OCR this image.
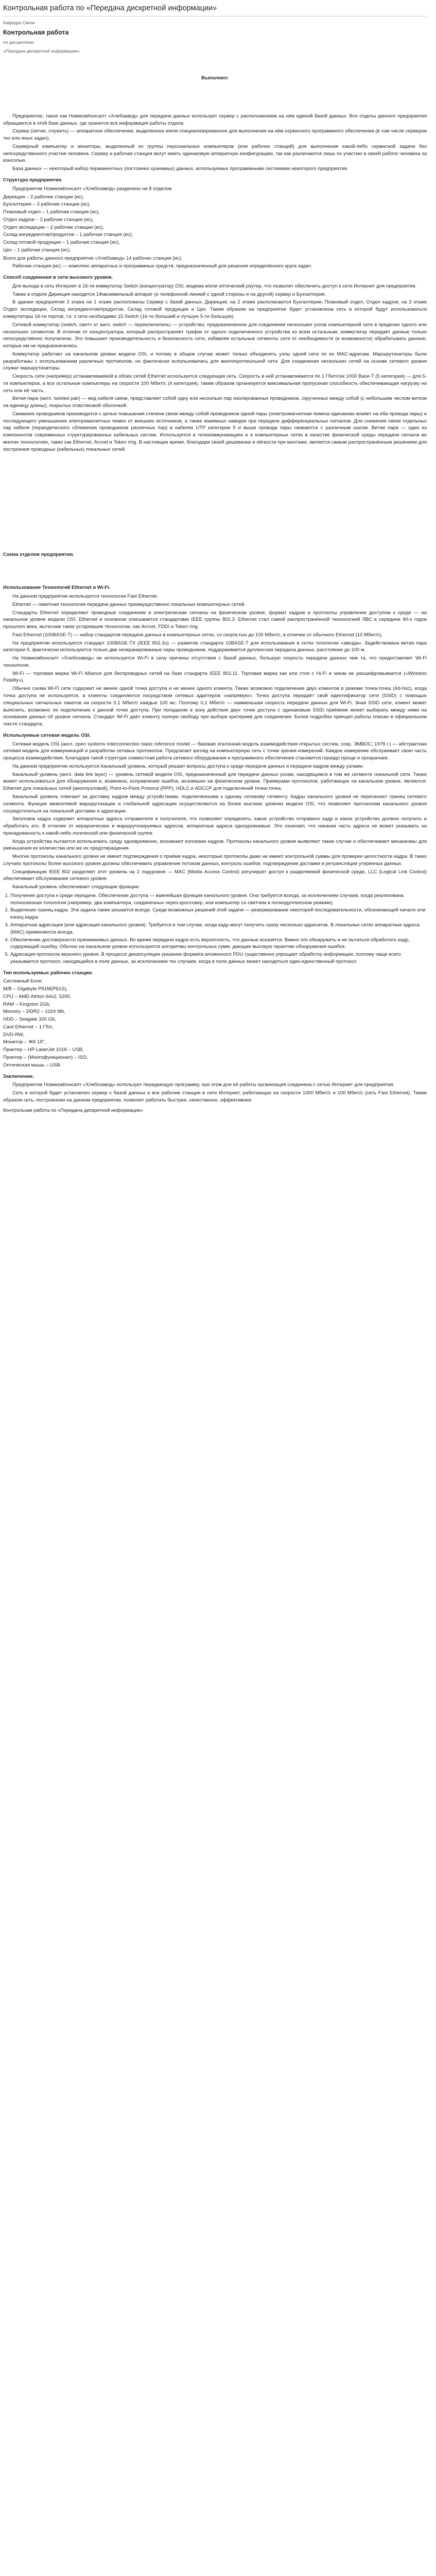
Контрольная работа по «Передача дискретной информации»
Кафедра Связи
Контрольная работа
по дисциплине:
«Передача дискретной информации»
Выполнил:

Предприятие, такое как НовиковКонсалт «Хлебзавод» для передачи данных использует сервер с расположением на нём единой базой данных. Все отделы данного предприятия обращаются в этой базе данных, где хранится вся информация работы отдела.

Сервер (server, служить) — аппаратное обеспечение, выделенное и/или специализированное для выполнения на нём сервисного программного обеспечения (в том числе серверов тех или иных задач).

Серверный компьютер и мониторы, выделенный из группы персональных компьютеров (или рабочих станций) для выполнения какой-либо сервисной задачи без непосредственного участия человека. Сервер и рабочая станция могут иметь одинаковую аппаратную конфигурацию, так как различаются лишь по участию в своей работе человека за консолью.

База данных — некоторый набор перманентных (постоянно хранимых) данных, используемых программными системами некоторого предприятия.

Структура предприятия.

Предприятие НовиковКонсалт «Хлебозавод» разделено на 8 отделов:

Дирекция – 2 рабочие станции (ис),
Бухгалтерия – 3 рабочие станции (ис),
Плановый отдел – 1 рабочая станция (ис),
Отдел кадров – 2 рабочие станции (ис),
Отдел экспедиции – 2 рабочие станции (ис),
Склад ингредиентов/продуктов – 1 рабочая станция (ис),
Склад готовой продукции – 1 рабочая станция (ис),
Цех – 1 рабочая станция (ис),

Всего для работы данного предприятия «Хлебзавод» 14 рабочих станции (ис).

Рабочая станция (ис) — комплекс аппаратных и программных средств, предназначенный для решения определённого круга задач.

Способ соединения в сети высокого уровня.

Для выхода в сеть Интернет в 16-ти коммутатор Switch (концентратор) OSI, модема и/или оптический роутер, что позволит обеспечить доступ к сети Интернет для предприятия.

Также в отделе Дирекция находится 1Факсимильный аппарат (и телефонной линией с одной стороны и на другой) сервер и Бухгалтерия.

В здании предприятия 3 этажа на 1 этаже расположены Сервер с базой данных, Дирекция; на 2 этаже располагаются Бухгалтерия, Плановый отдел, Отдел кадров; на 3 этаже Отдел экспедиции, Склад ингредиентов/продуктов, Склад готовой продукции и Цех. Таким образом на предприятие будет установлена сеть в которой будут использоваться коммутаторы 16-ти портов, т.к. к сети необходимо 15 Switch (16-ти больший и лучшую 5-ти большую).

Сетевой коммутатор (switch, свитч от англ. switch — переключатель) — устройство, предназначенное для соединения нескольких узлов компьютерной сети в пределах одного или нескольких сегментов. В отличие от концентратора, который распространяет трафик от одного подключенного устройства ко всем остальным, коммутатор передаёт данные только непосредственно получателю. Это повышает производительность и безопасность сети, избавляя остальные сегменты сети от необходимости (и возможности) обрабатывать данные, которые им не предназначались.

Коммутатор работает на канальном уровне модели OSI, и потому в общем случае может только объединять узлы одной сети по их MAC-адресам. Маршрутизаторы были разработаны с использованием различных протоколов, но фактически использовались для многопротокольной сети. Для соединения нескольких сетей на основе сетевого уровня служат маршрутизаторы.

Скорость сети (например) устанавливаемой в обоих сетей Ethernet используется следующая сеть. Скорость в ней устанавливается по 1 Гбит/сек 1000 Base-T (5 категория) — для 5-ти компьютеров, а все остальные компьютеры на скорости 100 Мбит/с (4 категория), таким образом организуется максимальная пропускная способность обеспечивающая нагрузку на сеть или её часть.

Витая пара (англ. twisted pair) — вид кабеля связи, представляет собой одну или несколько пар изолированных проводников, скрученных между собой (с небольшим числом витков на единицу длины), покрытых пластиковой оболочкой.

Свивание проводников производится с целью повышения степени связи между собой проводников одной пары (электромагнитная помеха одинаково влияет на оба провода пары) и последующего уменьшения электромагнитных помех от внешних источников, а также взаимных наводок при передаче дифференциальных сигналов. Для снижения связи отдельных пар кабеля (периодического сближения проводников различных пар) в кабелях UTP категории 5 и выше провода пары свиваются с различным шагом. Витая пара — один из компонентов современных структурированных кабельных систем. Используется в телекоммуникациях и в компьютерных сетях в качестве физической среды передачи сигнала во многих технологиях, таких как Ethernet, Arcnet и Token ring. В настоящее время, благодаря своей дешевизне и лёгкости при монтаже, является самым распространённым решением для построения проводных (кабельных) локальных сетей.

Схема отделов предприятия.
Использование Технологий Ethernet и Wi-Fi.

На данном предприятии используется технология Fast Ethernet.

Ethernet — пакетная технология передачи данных преимущественно локальных компьютерных сетей.

Стандарты Ethernet определяют проводные соединения и электрические сигналы на физическом уровне, формат кадров и протоколы управления доступом к среде — на канальном уровне модели OSI. Ethernet в основном описывается стандартами IEEE группы 802.3. Ethernet стал самой распространённой технологией ЛВС в середине 90-х годов прошлого века, вытеснив такие устаревшие технологии, как Arcnet, FDDI и Token ring.

Fast Ethernet (100BASE-T) — набор стандартов передачи данных в компьютерных сетях, со скоростью до 100 Мбит/с, в отличие от обычного Ethernet (10 Мбит/с).

На предприятии используется стандарт 100BASE-TX (IEEE 802.3u) — развитие стандарта 10BASE-T для использования в сетях топологии «звезда». Задействована витая пара категории 5, фактически используются только две неэкранированные пары проводников, поддерживается дуплексная передача данных, расстояние до 100 м.

На НовиковКонсалт «Хлебозавод» не используется Wi-Fi в силу причины отсутствия с базой данных, большую скорость передачи данных чем та, что предоставляет Wi-Fi технология.

Wi-Fi — торговая марка Wi-Fi Alliance для беспроводных сетей на базе стандарта IEEE 802.11. Торговая марка как или стоя с Hi-Fi и никак не расшифровывается («Wireless Fidelity»).

Обычно схема Wi-Fi сети содержит не менее одной точки доступа и не менее одного клиента. Также возможно подключение двух клиентов в режиме точка-точка (Ad-hoc), когда точка доступа не используется, а клиенты соединяются посредством сетевых адаптеров «напрямую». Точка доступа передаёт свой идентификатор сети (SSID) с помощью специальных сигнальных пакетов на скорости 0,1 Мбит/с каждые 100 мс. Поэтому 0,1 Мбит/с — наименьшая скорость передачи данных для Wi-Fi. Зная SSID сети, клиент может выяснить, возможно ли подключение к данной точке доступа. При попадании в зону действия двух точек доступа с одинаковым SSID приёмник может выбирать между ними на основании данных об уровне сигнала. Стандарт Wi-Fi даёт клиенту полную свободу при выборе критериев для соединения. Более подробно принцип работы описан в официальном тексте стандарта.

Используемые сетевая модель OSI.

Сетевая модель OSI (англ. open systems interconnection basic reference model — базовая эталонная модель взаимодействия открытых систем, сокр. ЭМВОС; 1978 г.) — абстрактная сетевая модель для коммуникаций и разработки сетевых протоколов. Предлагает взгляд на компьютерную сеть с точки зрения измерений. Каждое измерение обслуживает свою часть процесса взаимодействия. Благодаря такой структуре совместная работа сетевого оборудования и программного обеспечения становится гораздо проще и прозрачнее.

На данном предприятии используется Канальный уровень, который решает вопросы доступа к среде передачи данных и передачи кадров между узлами.

Канальный уровень (англ. data link layer) — уровень сетевой модели OSI, предназначенный для передачи данных узлам, находящимся в том же сегменте локальной сети. Также может использоваться для обнаружения и, возможно, исправления ошибок, возникших на физическом уровне. Примерами протоколов, работающих на канальном уровне, являются: Ethernet для локальных сетей (многоузловой), Point-to-Point Protocol (PPP), HDLC и ADCCP для подключений точка-точка.

Канальный уровень отвечает за доставку кадров между устройствами, подключенными к одному сетевому сегменту. Кадры канального уровня не пересекают границ сетевого сегмента. Функции межсетевой маршрутизации и глобальной адресации осуществляются на более высоких уровнях модели OSI, что позволяет протоколам канального уровня сосредоточиться на локальной доставке и адресации.

Заголовок кадра содержит аппаратные адреса отправителя и получателя, что позволяет определить, какое устройство отправило кадр и какое устройство должно получить и обработать его. В отличие от иерархических и маршрутизируемых адресов, аппаратные адреса одноуровневые. Это означает, что никакая часть адреса не может указывать на принадлежность к какой-либо логической или физической группе.

Когда устройства пытаются использовать среду одновременно, возникают коллизии кадров. Протоколы канального уровня выявляют такие случаи и обеспечивают механизмы для уменьшения их количества или же их предотвращения.

Многие протоколы канального уровня не имеют подтверждения о приёме кадра, некоторые протоколы даже не имеют контрольной суммы для проверки целостности кадра. В таких случаях протоколы более высокого уровня должны обеспечивать управление потоком данных, контроль ошибок, подтверждение доставки и ретрансляции утерянных данных.

Спецификация IEEE 802 разделяет этот уровень на 2 подуровня — MAC (Media Access Control) регулирует доступ к разделяемой физической среде, LLC (Logical Link Control) обеспечивает обслуживание сетевого уровня.

Канальный уровень обеспечивает следующие функции:

1. Получение доступа к среде передачи. Обеспечение доступа — важнейшая функция канального уровня. Она требуется всегда, за исключением случаев, когда реализована полносвязная топология (например, два компьютера, соединенных через кроссовер, или компьютер со свитчем в полнодуплексном режиме).
2. Выделение границ кадра. Эта задача также решается всегда. Среди возможных решений этой задачи — резервирование некоторой последовательности, обозначающей начало или конец кадра.
3. Аппаратная адресация (или адресация канального уровня). Требуется в том случае, когда кадр могут получить сразу несколько адресатов. В локальных сетях аппаратные адреса (MAC) применяются всегда.
4. Обеспечение достоверности принимаемых данных. Во время передачи кадра есть вероятность, что данные исказятся. Важно это обнаружить и не пытаться обработать кадр, содержащий ошибку. Обычно на канальном уровне используются алгоритмы контрольных сумм, дающие высокую гарантию обнаружения ошибок.
5. Адресация протокола верхнего уровня. В процессе декапсуляции указание формата вложенного PDU существенно упрощает обработку информации, поэтому чаще всего указывается протокол, находящийся в поле данных, за исключением тех случаев, когда в поле данных может находиться один-единственный протокол.
Тип используемых рабочих станции.
Системный Блок:
M/B – Gigabyte P61M(P61S),
CPU – AMD Athlon 64x2, 5200,
RAM – Kingston 2Gb,
Memory – DDR2 – 1024 Mb,
HDD – Seagate 320 Gb,
Card Ethernet – 1 Гб/с,
DVD-RW,
Монитор – ЖК 19",
Принтер – HP LaserJet 1018 – USB,
Принтер – (Многофункционал) – ISO,
Оптическая мышь – USB.
Заключение.

Предприятие НовиковКонсалт «Хлебозавод» использует передающую программу, при этом для её работы организация соединена с сетью Интернет для предприятия.

Сеть в которой будет установлен сервер с базой данных и все рабочие станции в сети Интернет, работающих на скорости 1000 Мбит/с и 100 Мбит/с (сеть Fast Ethernet). Таким образом сеть, построенная на данном предприятии, позволит работать быстрее, качественно, эффективнее.

Контрольная работа по «Передача дискретной информации»
